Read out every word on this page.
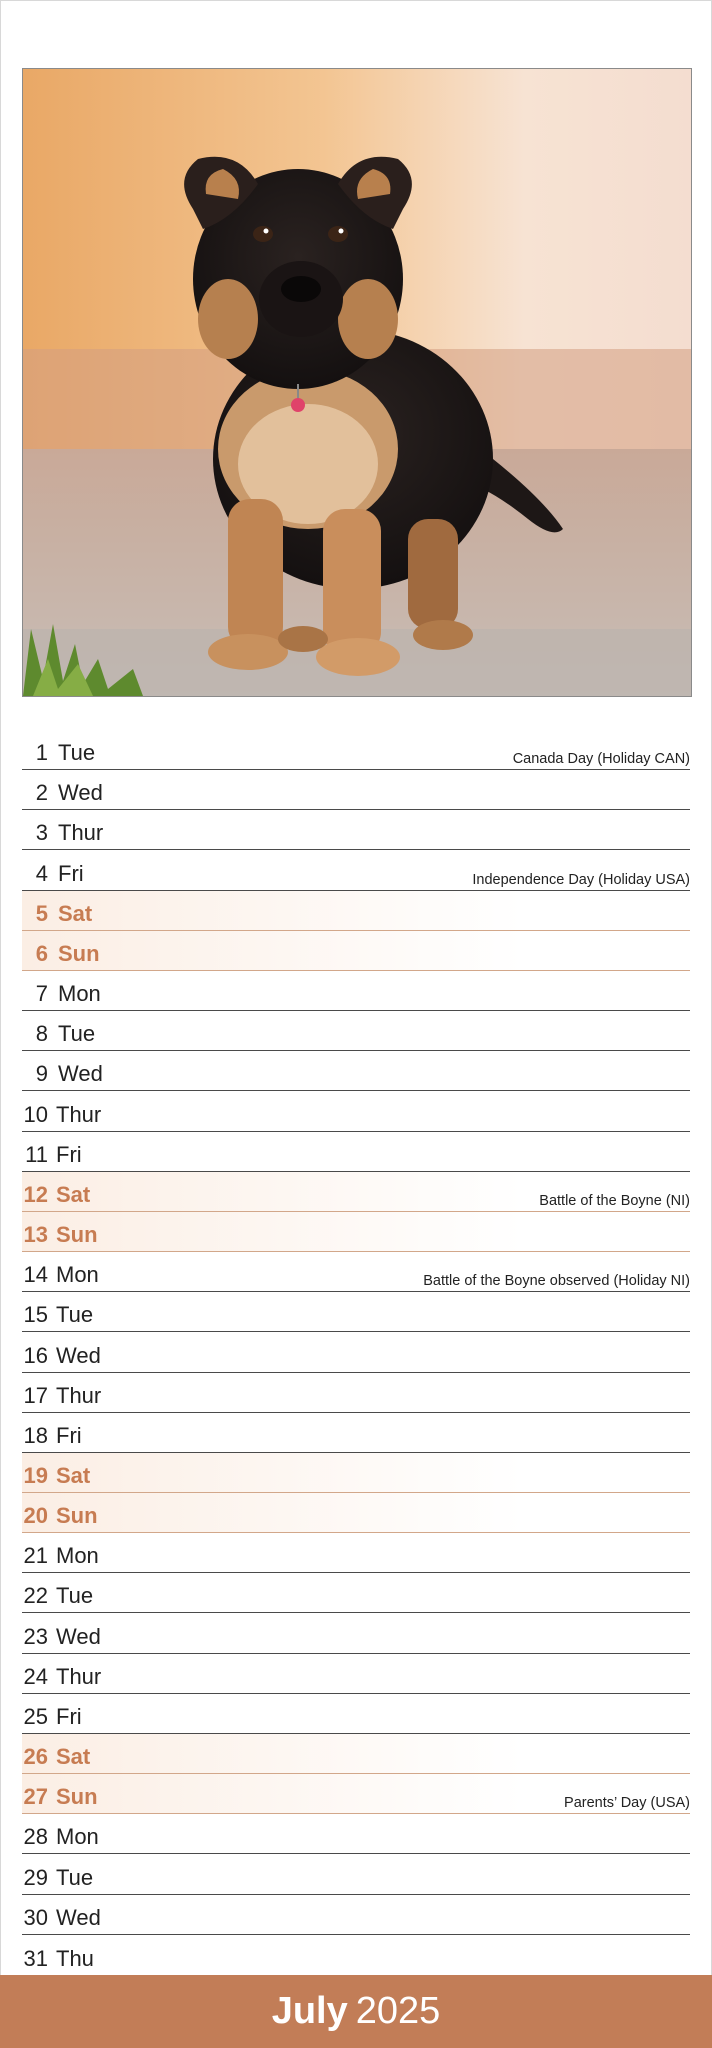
1 Tue	Canada Day (Holiday CAN)
2 Wed
3 Thur
4 Fri	Independence Day (Holiday USA)
5 Sat
6 Sun
7 Mon
8 Tue
9 Wed
10 Thur
11 Fri
12 Sat	Battle of the Boyne (NI)
13 Sun
14 Mon	Battle of the Boyne observed (Holiday NI)
15 Tue
16 Wed
17 Thur
18 Fri
19 Sat
20 Sun
21 Mon
22 Tue
23 Wed
24 Thur
25 Fri
26 Sat
27 Sun	Parents’ Day (USA)
28 Mon
29 Tue
30 Wed
31 Thu
July 2025
